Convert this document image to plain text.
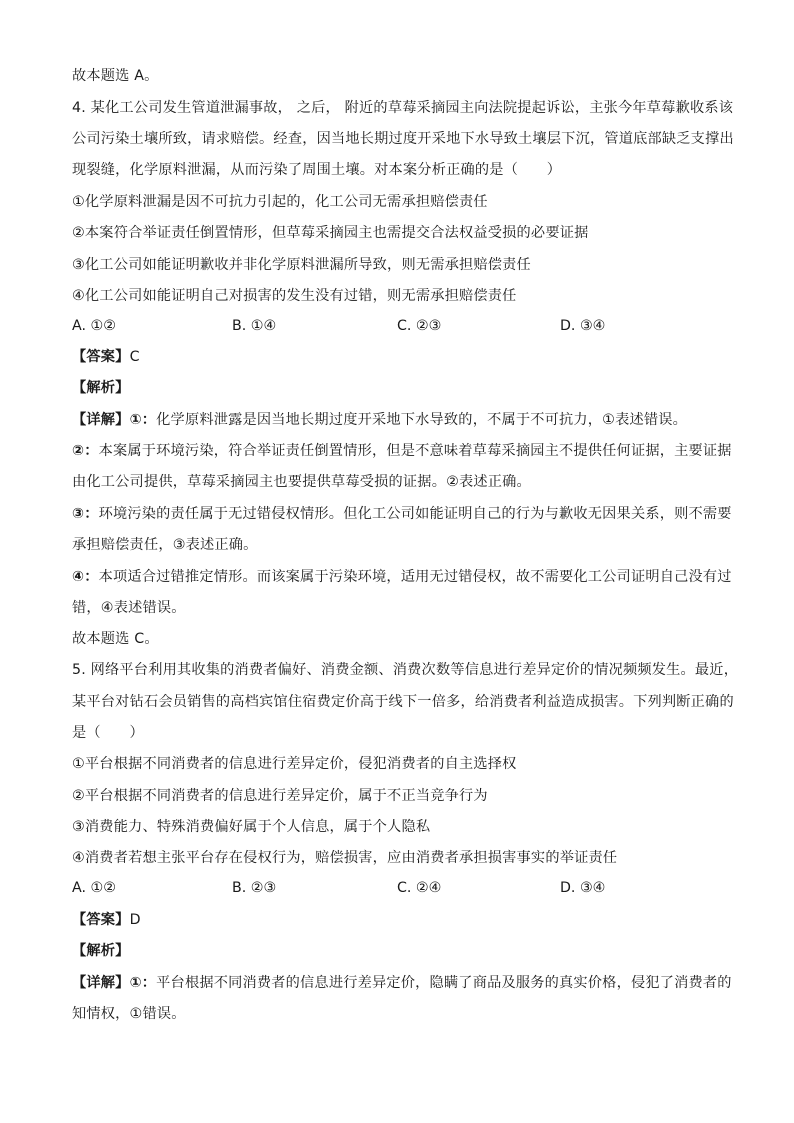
故本题选 A。
4. 某化工公司发生管道泄漏事故， 之后， 附近的草莓采摘园主向法院提起诉讼，主张今年草莓歉收系该
公司污染土壤所致，请求赔偿。经查，因当地长期过度开采地下水导致土壤层下沉，管道底部缺乏支撑出
现裂缝，化学原料泄漏，从而污染了周围土壤。对本案分析正确的是（　　）
①化学原料泄漏是因不可抗力引起的，化工公司无需承担赔偿责任
②本案符合举证责任倒置情形，但草莓采摘园主也需提交合法权益受损的必要证据
③化工公司如能证明歉收并非化学原料泄漏所导致，则无需承担赔偿责任
④化工公司如能证明自己对损害的发生没有过错，则无需承担赔偿责任
A. ①②	B. ①④	C. ②③	D. ③④
【答案】C
【解析】
【详解】①：化学原料泄露是因当地长期过度开采地下水导致的，不属于不可抗力，①表述错误。
②：本案属于环境污染，符合举证责任倒置情形，但是不意味着草莓采摘园主不提供任何证据，主要证据
由化工公司提供，草莓采摘园主也要提供草莓受损的证据。②表述正确。
③：环境污染的责任属于无过错侵权情形。但化工公司如能证明自己的行为与歉收无因果关系，则不需要
承担赔偿责任，③表述正确。
④：本项适合过错推定情形。而该案属于污染环境，适用无过错侵权，故不需要化工公司证明自己没有过
错，④表述错误。
故本题选 C。
5. 网络平台利用其收集的消费者偏好、消费金额、消费次数等信息进行差异定价的情况频频发生。最近，
某平台对钻石会员销售的高档宾馆住宿费定价高于线下一倍多，给消费者利益造成损害。下列判断正确的
是（　　）
①平台根据不同消费者的信息进行差异定价，侵犯消费者的自主选择权
②平台根据不同消费者的信息进行差异定价，属于不正当竞争行为
③消费能力、特殊消费偏好属于个人信息，属于个人隐私
④消费者若想主张平台存在侵权行为，赔偿损害，应由消费者承担损害事实的举证责任
A. ①②	B. ②③	C. ②④	D. ③④
【答案】D
【解析】
【详解】①：平台根据不同消费者的信息进行差异定价，隐瞒了商品及服务的真实价格，侵犯了消费者的
知情权，①错误。
